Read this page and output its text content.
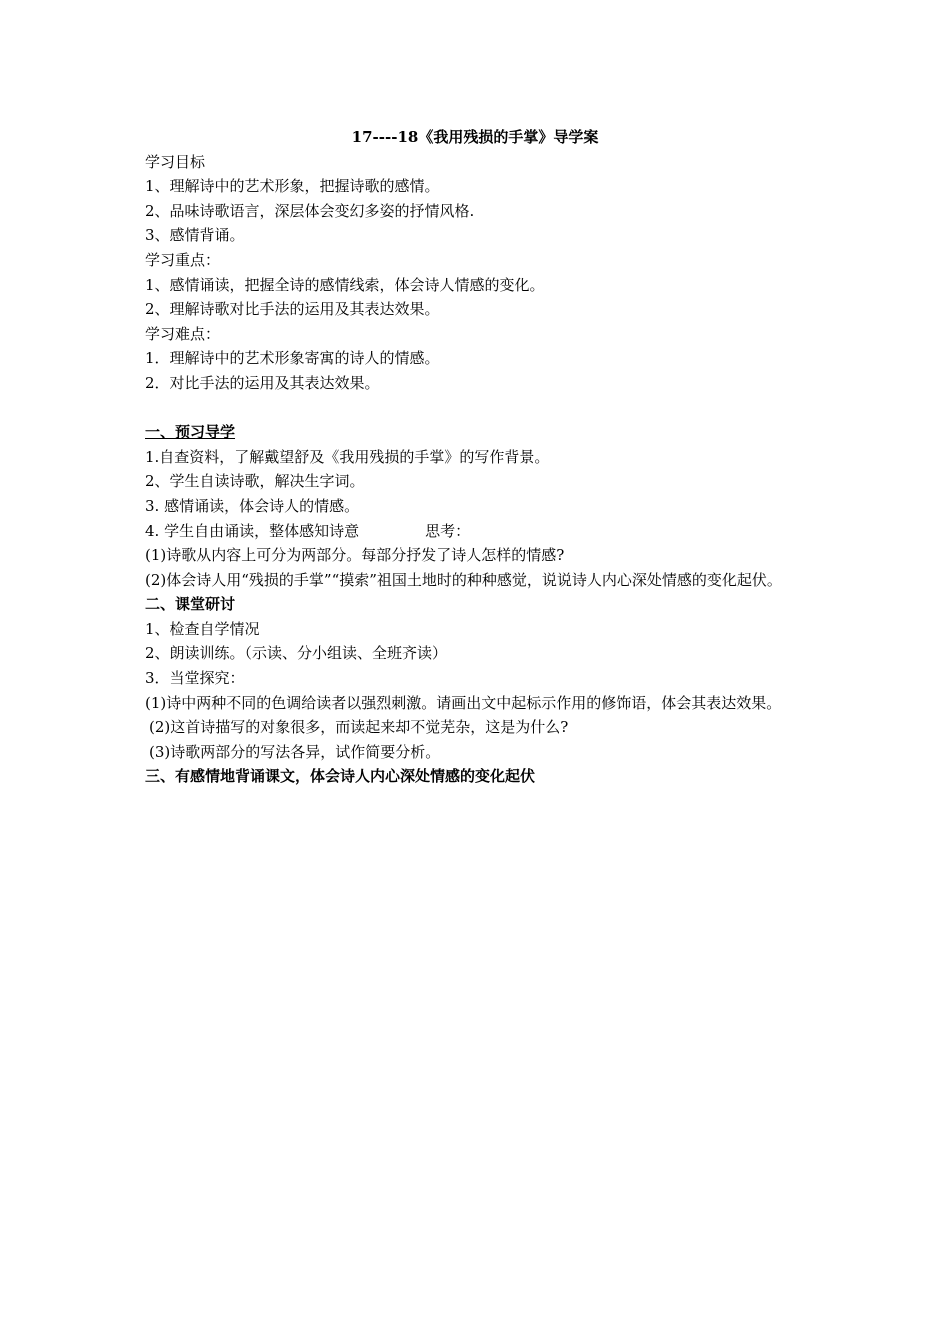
17----18《我用残损的手掌》导学案
学习目标
1、理解诗中的艺术形象，把握诗歌的感情。
2、品味诗歌语言，深层体会变幻多姿的抒情风格.
3、感情背诵。
学习重点：
1、感情诵读，把握全诗的感情线索，体会诗人情感的变化。
2、理解诗歌对比手法的运用及其表达效果。
学习难点：
1．理解诗中的艺术形象寄寓的诗人的情感。
2．对比手法的运用及其表达效果。
一、预习导学
1.自查资料，了解戴望舒及《我用残损的手掌》的写作背景。
2、学生自读诗歌，解决生字词。
3. 感情诵读，体会诗人的情感。
4. 学生自由诵读，整体感知诗意	思考：
(1)诗歌从内容上可分为两部分。每部分抒发了诗人怎样的情感?
(2)体会诗人用“残损的手掌”“摸索”祖国土地时的种种感觉，说说诗人内心深处情感的变化起伏。
二、课堂研讨
1、检查自学情况
2、朗读训练。（示读、分小组读、全班齐读）
3．当堂探究：
(1)诗中两种不同的色调给读者以强烈刺激。请画出文中起标示作用的修饰语，体会其表达效果。
(2)这首诗描写的对象很多，而读起来却不觉芜杂，这是为什么?
(3)诗歌两部分的写法各异，试作简要分析。
三、有感情地背诵课文，体会诗人内心深处情感的变化起伏
